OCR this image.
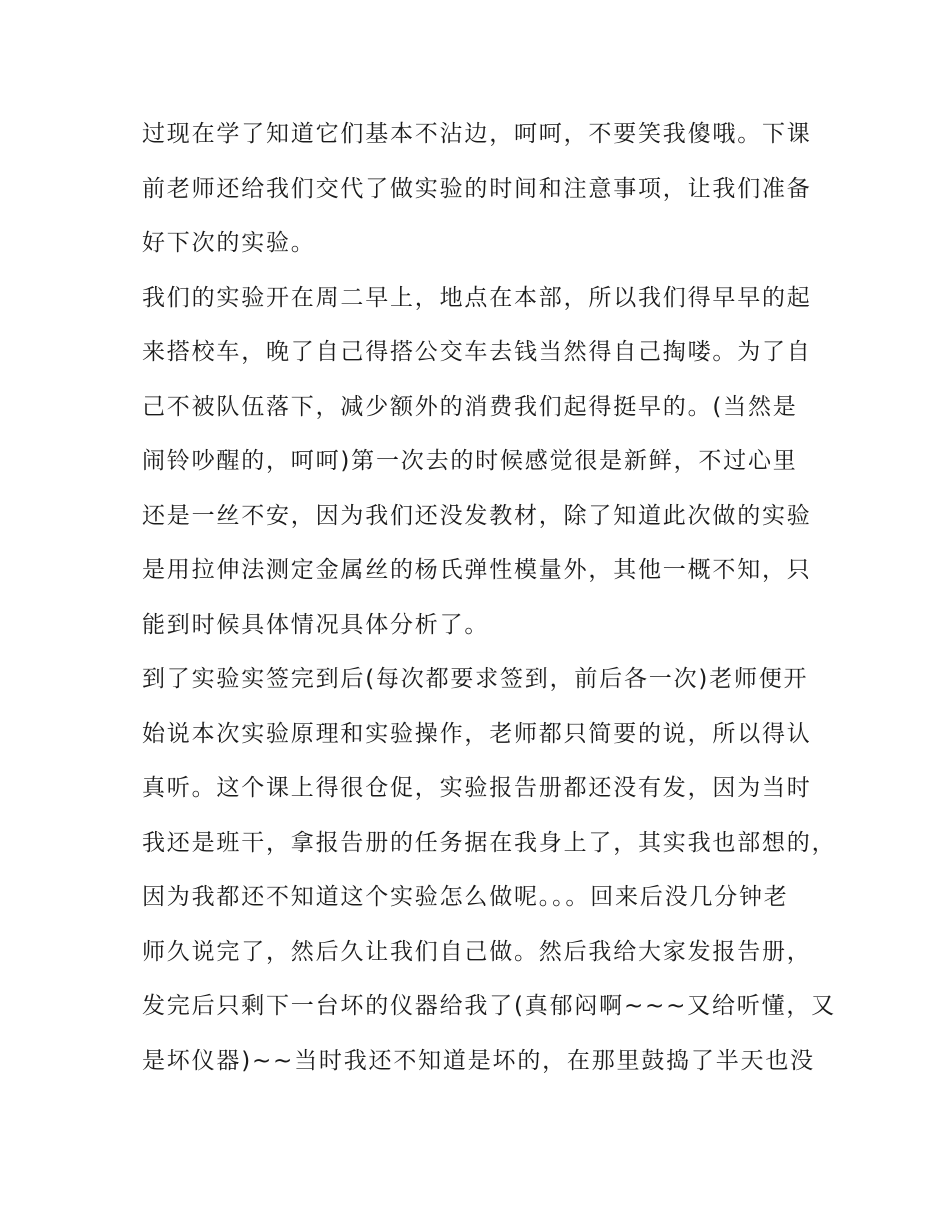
过现在学了知道它们基本不沾边，呵呵，不要笑我傻哦。下课
前老师还给我们交代了做实验的时间和注意事项，让我们准备
好下次的实验。
我们的实验开在周二早上，地点在本部，所以我们得早早的起
来搭校车，晚了自己得搭公交车去钱当然得自己掏喽。为了自
己不被队伍落下，减少额外的消费我们起得挺早的。(当然是
闹铃吵醒的，呵呵)第一次去的时候感觉很是新鲜，不过心里
还是一丝不安，因为我们还没发教材，除了知道此次做的实验
是用拉伸法测定金属丝的杨氏弹性模量外，其他一概不知，只
能到时候具体情况具体分析了。
到了实验实签完到后(每次都要求签到，前后各一次)老师便开
始说本次实验原理和实验操作，老师都只简要的说，所以得认
真听。这个课上得很仓促，实验报告册都还没有发，因为当时
我还是班干，拿报告册的任务据在我身上了，其实我也部想的，
因为我都还不知道这个实验怎么做呢。。。回来后没几分钟老
师久说完了，然后久让我们自己做。然后我给大家发报告册，
发完后只剩下一台坏的仪器给我了(真郁闷啊~~~又给听懂，又
是坏仪器)~~当时我还不知道是坏的，在那里鼓捣了半天也没
